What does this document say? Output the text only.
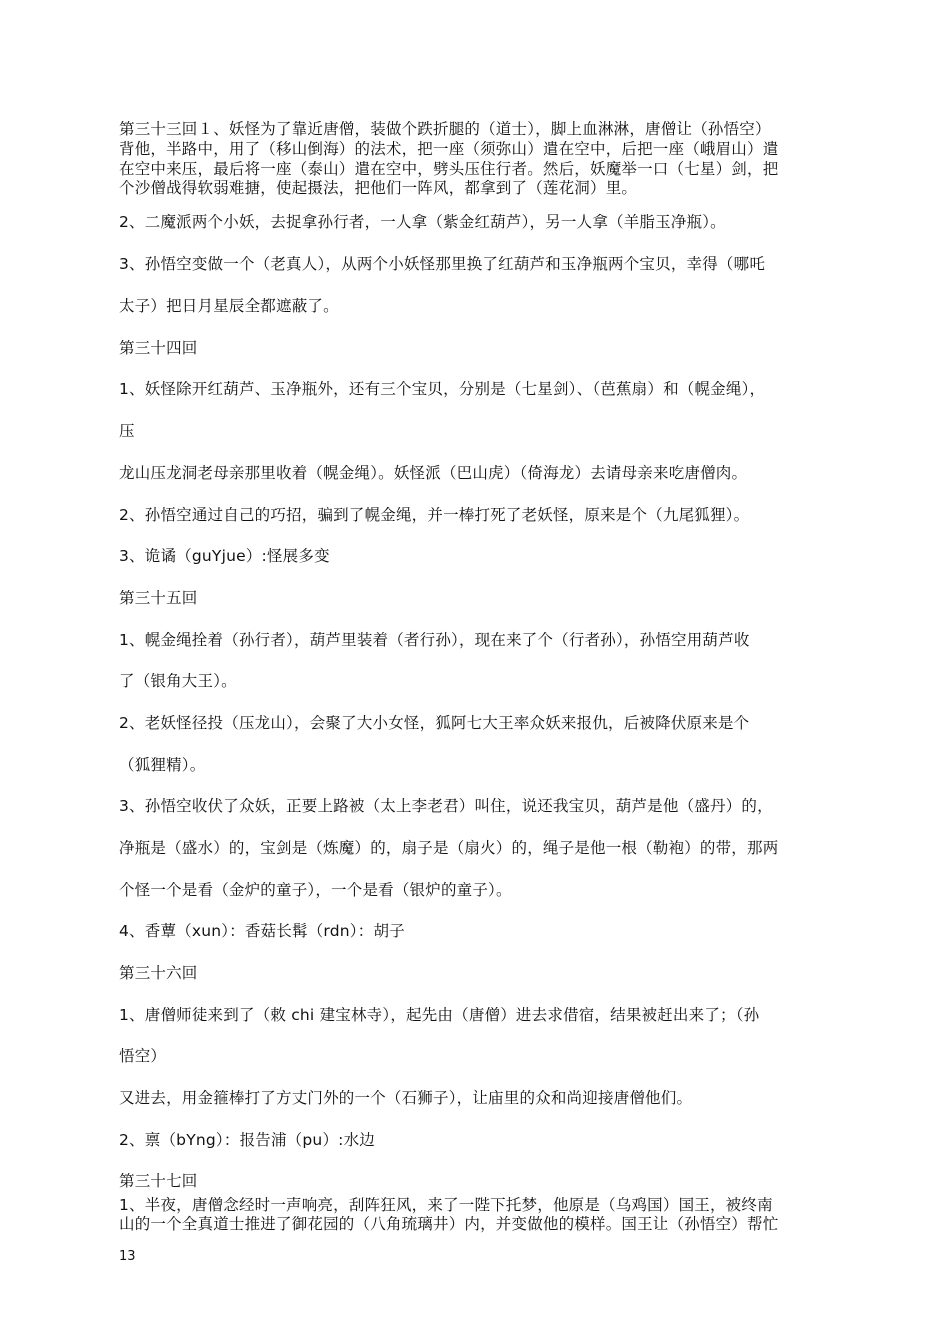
第三十三回１、妖怪为了靠近唐僧，装做个跌折腿的（道士），脚上血淋淋，唐僧让（孙悟空）
背他，半路中，用了（移山倒海）的法术，把一座（须弥山）遣在空中，后把一座（峨眉山）遣
在空中来压，最后将一座（泰山）遣在空中，劈头压住行者。然后，妖魔举一口（七星）剑，把
个沙僧战得软弱难搪，使起摄法，把他们一阵风，都拿到了（莲花洞）里。
2、二魔派两个小妖，去捉拿孙行者，一人拿（紫金红葫芦），另一人拿（羊脂玉净瓶）。
3、孙悟空变做一个（老真人），从两个小妖怪那里换了红葫芦和玉净瓶两个宝贝，幸得（哪吒
太子）把日月星辰全都遮蔽了。
第三十四回
1、妖怪除开红葫芦、玉净瓶外，还有三个宝贝，分别是（七星剑）、（芭蕉扇）和（幌金绳），
压
龙山压龙洞老母亲那里收着（幌金绳）。妖怪派（巴山虎）（倚海龙）去请母亲来吃唐僧肉。
2、孙悟空通过自己的巧招，骗到了幌金绳，并一棒打死了老妖怪，原来是个（九尾狐狸）。
3、诡谲（guYjue）:怪展多变
第三十五回
1、幌金绳拴着（孙行者），葫芦里装着（者行孙），现在来了个（行者孙），孙悟空用葫芦收
了（银角大王）。
2、老妖怪径投（压龙山），会聚了大小女怪，狐阿七大王率众妖来报仇，后被降伏原来是个
（狐狸精）。
3、孙悟空收伏了众妖，正要上路被（太上李老君）叫住，说还我宝贝，葫芦是他（盛丹）的，
净瓶是（盛水）的，宝剑是（炼魔）的，扇子是（扇火）的，绳子是他一根（勒袍）的带，那两
个怪一个是看（金炉的童子），一个是看（银炉的童子）。
4、香蕈（xun）：香菇长髯（rdn）：胡子
第三十六回
1、唐僧师徒来到了（敕 chi 建宝林寺），起先由（唐僧）进去求借宿，结果被赶出来了；（孙
悟空）
又进去，用金箍棒打了方丈门外的一个（石狮子），让庙里的众和尚迎接唐僧他们。
2、禀（bYng）：报告浦（pu）:水边
第三十七回
1、半夜，唐僧念经时一声响亮，刮阵狂风，来了一陛下托梦，他原是（乌鸡国）国王，被终南
山的一个全真道士推进了御花园的（八角琉璃井）内，并变做他的模样。国王让（孙悟空）帮忙
13
